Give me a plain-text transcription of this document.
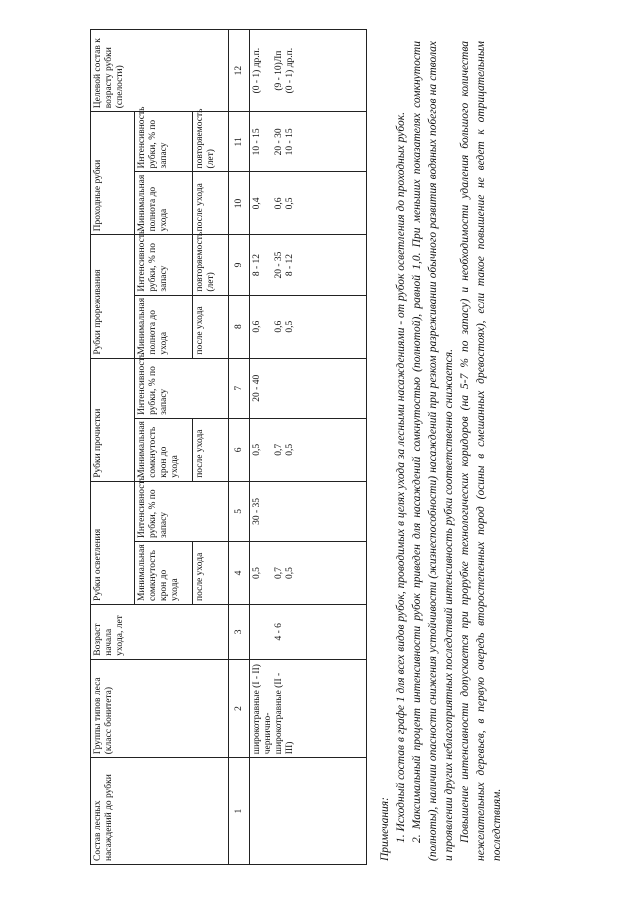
Состав лесных насаждений до рубки	Группы типов леса (класс бонитета)	Возраст начала ухода, лет	Рубки осветления		Рубки прочистки		Рубки прореживания		Проходные рубки		Целевой состав к возрасту рубки (спелости)
			Минимальная сомкнутость крон до ухода	Интенсивность рубки, % по запасу	Минимальная сомкнутость крон до ухода	Интенсивность рубки, % по запасу	Минимальная полнота до ухода	Интенсивность рубки, % по запасу	Минимальная полнота до ухода	Интенсивность рубки, % по запасу	
			после ухода		после ухода		после ухода	повторяемость (лет)	после ухода	повторяемость (лет)	
1	2	3	4	5	6	7	8	9	10	11	12

	широкотравные (I - II) чернично-широкотравные (II - III)	4 - 6	0,5 0,7 0,5	30 - 35	0,5 0,7 0,5	20 - 40	0,6 0,6 0,5	8 - 12 20 - 35 8 - 12	0,4 0,6 0,5	10 - 15 20 - 30 10 - 15	(0 - 1) др.п. (9 - 10)Лп (0 - 1) др.п.

Примечания: 1. Исходный состав в графе 1 для всех видов рубок, проводимых в целях ухода за лесными насаждениями - от рубок осветления до проходных рубок. 2. Максимальный процент интенсивности рубок приведен для насаждений сомкнутостью (полнотой), равной 1,0. При меньших показателях сомкнутости (полноты), наличии опасности снижения устойчивости (жизнеспособности) насаждений при резком разреживании обычного развития водяных побегов на стволах и проявлении других неблагоприятных последствий интенсивность рубки соответственно снижается. Повышение интенсивности допускается при прорубке технологических коридоров (на 5-7 % по запасу) и необходимости удаления большого количества нежелательных деревьев, в первую очередь второстепенных пород (осины в смешанных древостоях), если такое повышение не ведет к отрицательным последствиям.
